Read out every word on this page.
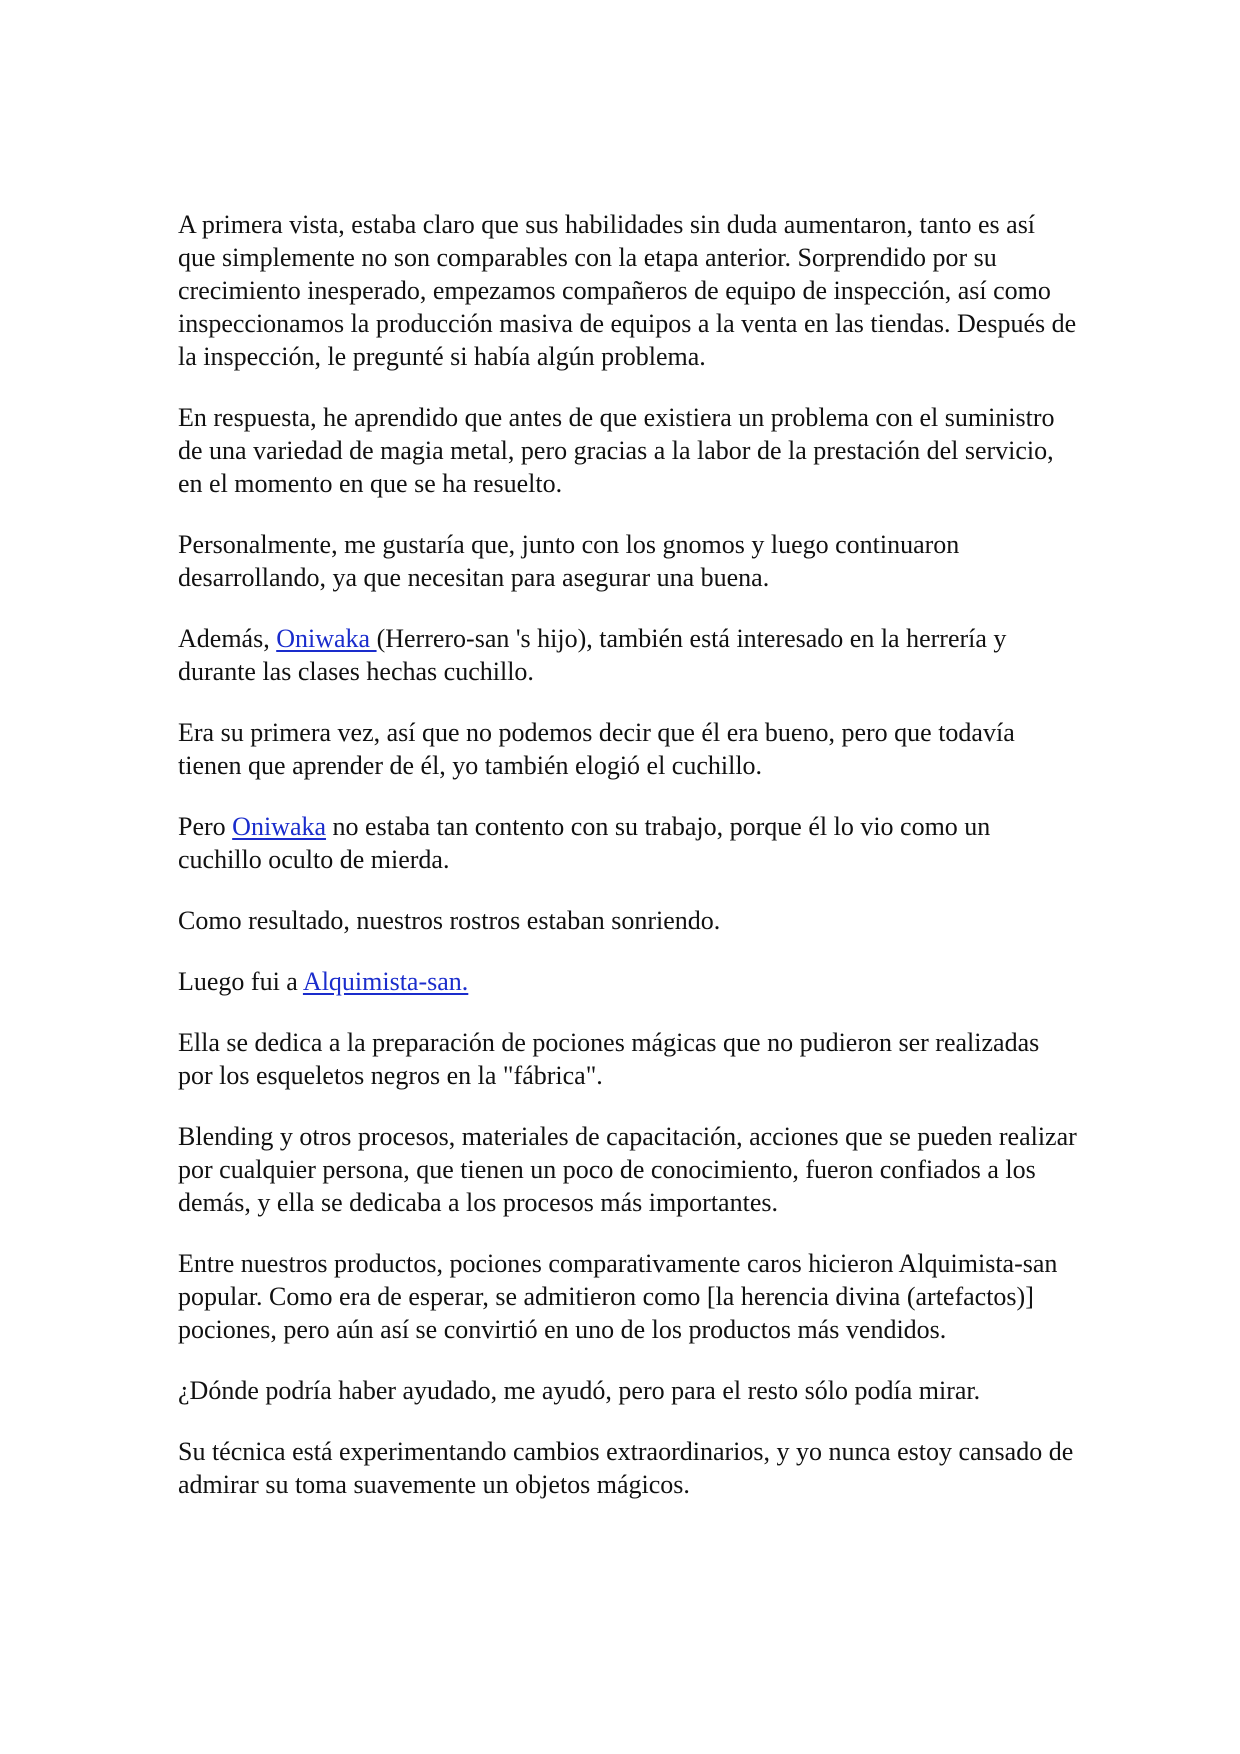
A primera vista, estaba claro que sus habilidades sin duda aumentaron, tanto es así que simplemente no son comparables con la etapa anterior. Sorprendido por su crecimiento inesperado, empezamos compañeros de equipo de inspección, así como inspeccionamos la producción masiva de equipos a la venta en las tiendas. Después de la inspección, le pregunté si había algún problema.

En respuesta, he aprendido que antes de que existiera un problema con el suministro de una variedad de magia metal, pero gracias a la labor de la prestación del servicio, en el momento en que se ha resuelto.

Personalmente, me gustaría que, junto con los gnomos y luego continuaron desarrollando, ya que necesitan para asegurar una buena.

Además, Oniwaka (Herrero-san 's hijo), también está interesado en la herrería y durante las clases hechas cuchillo.

Era su primera vez, así que no podemos decir que él era bueno, pero que todavía tienen que aprender de él, yo también elogió el cuchillo.

Pero Oniwaka no estaba tan contento con su trabajo, porque él lo vio como un cuchillo oculto de mierda.

Como resultado, nuestros rostros estaban sonriendo.

Luego fui a Alquimista-san.

Ella se dedica a la preparación de pociones mágicas que no pudieron ser realizadas por los esqueletos negros en la "fábrica".

Blending y otros procesos, materiales de capacitación, acciones que se pueden realizar por cualquier persona, que tienen un poco de conocimiento, fueron confiados a los demás, y ella se dedicaba a los procesos más importantes.

Entre nuestros productos, pociones comparativamente caros hicieron Alquimista-san popular. Como era de esperar, se admitieron como [la herencia divina (artefactos)] pociones, pero aún así se convirtió en uno de los productos más vendidos.

¿Dónde podría haber ayudado, me ayudó, pero para el resto sólo podía mirar.

Su técnica está experimentando cambios extraordinarios, y yo nunca estoy cansado de admirar su toma suavemente un objetos mágicos.
